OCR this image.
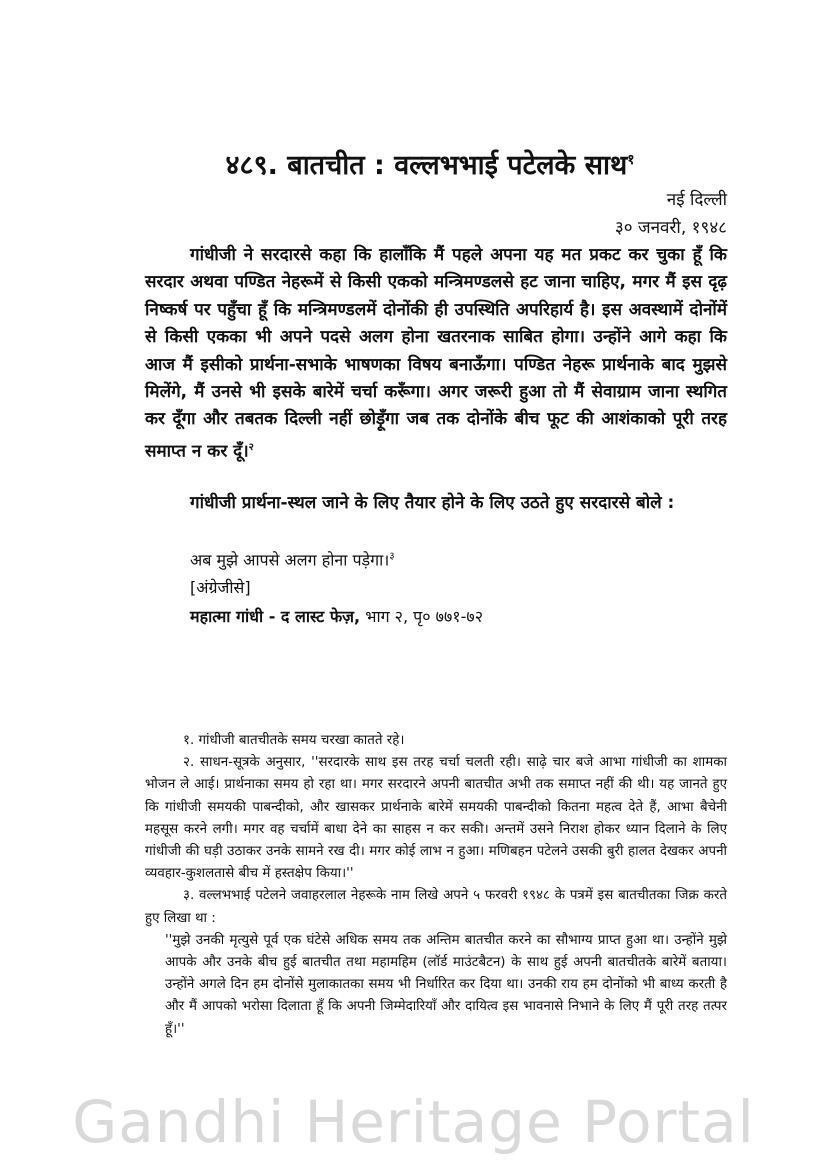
४८९. बातचीत : वल्लभभाई पटेलके साथ$^१$
नई दिल्ली
३० जनवरी, १९४८

गांधीजी ने सरदारसे कहा कि हालाँकि मैं पहले अपना यह मत प्रकट कर चुका हूँ कि सरदार अथवा पण्डित नेहरूमें से किसी एकको मन्त्रिमण्डलसे हट जाना चाहिए, मगर मैं इस दृढ़ निष्कर्ष पर पहुँचा हूँ कि मन्त्रिमण्डलमें दोनोंकी ही उपस्थिति अपरिहार्य है। इस अवस्थामें दोनोंमें से किसी एकका भी अपने पदसे अलग होना खतरनाक साबित होगा। उन्होंने आगे कहा कि आज मैं इसीको प्रार्थना-सभाके भाषणका विषय बनाऊँगा। पण्डित नेहरू प्रार्थनाके बाद मुझसे मिलेंगे, मैं उनसे भी इसके बारेमें चर्चा करूँगा। अगर जरूरी हुआ तो मैं सेवाग्राम जाना स्थगित कर दूँगा और तबतक दिल्ली नहीं छोड़ूँगा जब तक दोनोंके बीच फूट की आशंकाको पूरी तरह समाप्त न कर दूँ।$^२$

गांधीजी प्रार्थना-स्थल जाने के लिए तैयार होने के लिए उठते हुए सरदारसे बोले :
अब मुझे आपसे अलग होना पड़ेगा।$^३$
[अंग्रेजीसे]
महात्मा गांधी - द लास्ट फेज़, भाग २, पृ० ७७१-७२

१. गांधीजी बातचीतके समय चरखा कातते रहे।

२. साधन-सूत्रके अनुसार, ''सरदारके साथ इस तरह चर्चा चलती रही। साढ़े चार बजे आभा गांधीजी का शामका भोजन ले आई। प्रार्थनाका समय हो रहा था। मगर सरदारने अपनी बातचीत अभी तक समाप्त नहीं की थी। यह जानते हुए कि गांधीजी समयकी पाबन्दीको, और खासकर प्रार्थनाके बारेमें समयकी पाबन्दीको कितना महत्व देते हैं, आभा बैचेनी महसूस करने लगी। मगर वह चर्चामें बाधा देने का साहस न कर सकी। अन्तमें उसने निराश होकर ध्यान दिलाने के लिए गांधीजी की घड़ी उठाकर उनके सामने रख दी। मगर कोई लाभ न हुआ। मणिबहन पटेलने उसकी बुरी हालत देखकर अपनी व्यवहार-कुशलतासे बीच में हस्तक्षेप किया।''

३. वल्लभभाई पटेलने जवाहरलाल नेहरूके नाम लिखे अपने ५ फरवरी १९४८ के पत्रमें इस बातचीतका जिक्र करते हुए लिखा था :

''मुझे उनकी मृत्युसे पूर्व एक घंटेसे अधिक समय तक अन्तिम बातचीत करने का सौभाग्य प्राप्त हुआ था। उन्होंने मुझे आपके और उनके बीच हुई बातचीत तथा महामहिम (लॉर्ड माउंटबैटन) के साथ हुई अपनी बातचीतके बारेमें बताया। उन्होंने अगले दिन हम दोनोंसे मुलाकातका समय भी निर्धारित कर दिया था। उनकी राय हम दोनोंको भी बाध्य करती है और मैं आपको भरोसा दिलाता हूँ कि अपनी जिम्मेदारियाँ और दायित्व इस भावनासे निभाने के लिए मैं पूरी तरह तत्पर हूँ।''

Gandhi Heritage Portal
